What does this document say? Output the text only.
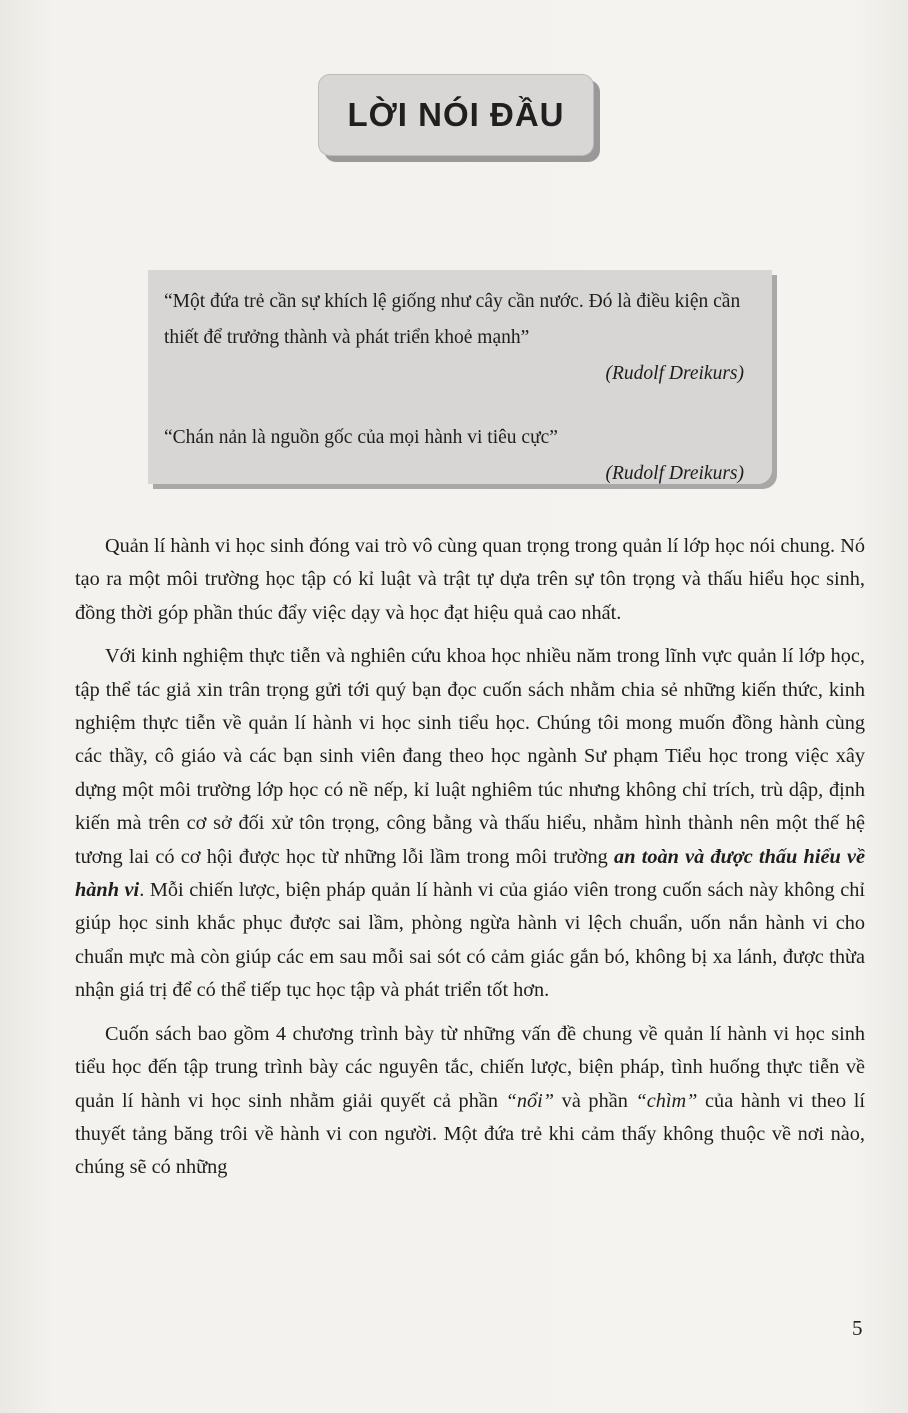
LỜI NÓI ĐẦU

“Một đứa trẻ cần sự khích lệ giống như cây cần nước. Đó là điều kiện cần thiết để trưởng thành và phát triển khoẻ mạnh”

(Rudolf Dreikurs)

“Chán nản là nguồn gốc của mọi hành vi tiêu cực”

(Rudolf Dreikurs)

Quản lí hành vi học sinh đóng vai trò vô cùng quan trọng trong quản lí lớp học nói chung. Nó tạo ra một môi trường học tập có kỉ luật và trật tự dựa trên sự tôn trọng và thấu hiểu học sinh, đồng thời góp phần thúc đẩy việc dạy và học đạt hiệu quả cao nhất.

Với kinh nghiệm thực tiễn và nghiên cứu khoa học nhiều năm trong lĩnh vực quản lí lớp học, tập thể tác giả xin trân trọng gửi tới quý bạn đọc cuốn sách nhằm chia sẻ những kiến thức, kinh nghiệm thực tiễn về quản lí hành vi học sinh tiểu học. Chúng tôi mong muốn đồng hành cùng các thầy, cô giáo và các bạn sinh viên đang theo học ngành Sư phạm Tiểu học trong việc xây dựng một môi trường lớp học có nề nếp, kỉ luật nghiêm túc nhưng không chỉ trích, trù dập, định kiến mà trên cơ sở đối xử tôn trọng, công bằng và thấu hiểu, nhằm hình thành nên một thế hệ tương lai có cơ hội được học từ những lỗi lầm trong môi trường an toàn và được thấu hiểu về hành vi. Mỗi chiến lược, biện pháp quản lí hành vi của giáo viên trong cuốn sách này không chỉ giúp học sinh khắc phục được sai lầm, phòng ngừa hành vi lệch chuẩn, uốn nắn hành vi cho chuẩn mực mà còn giúp các em sau mỗi sai sót có cảm giác gắn bó, không bị xa lánh, được thừa nhận giá trị để có thể tiếp tục học tập và phát triển tốt hơn.

Cuốn sách bao gồm 4 chương trình bày từ những vấn đề chung về quản lí hành vi học sinh tiểu học đến tập trung trình bày các nguyên tắc, chiến lược, biện pháp, tình huống thực tiễn về quản lí hành vi học sinh nhằm giải quyết cả phần “nổi” và phần “chìm” của hành vi theo lí thuyết tảng băng trôi về hành vi con người. Một đứa trẻ khi cảm thấy không thuộc về nơi nào, chúng sẽ có những

5
